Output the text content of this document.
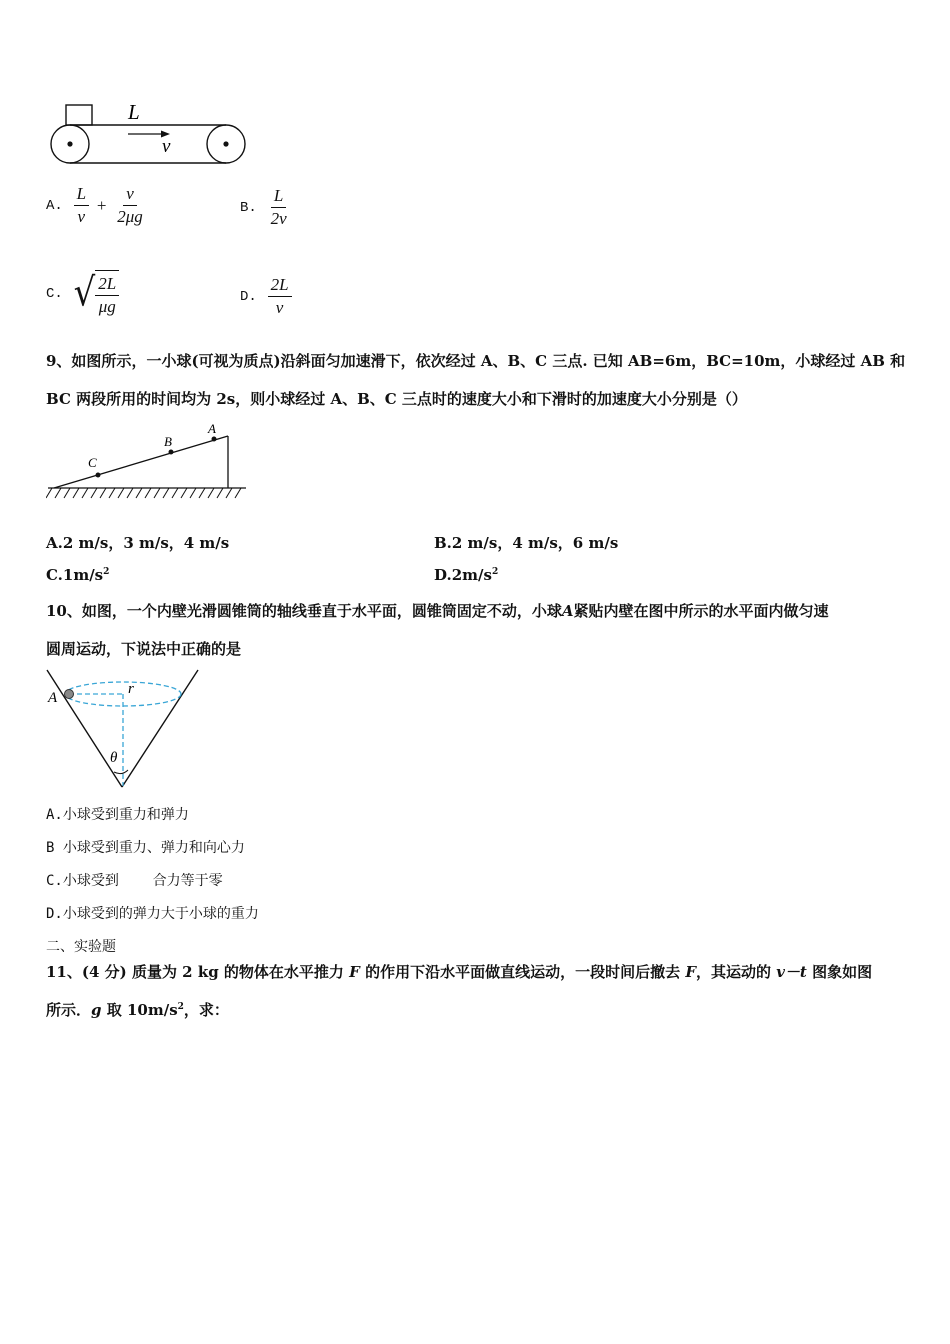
L
v
A. $\frac{L}{v} + \frac{v}{2\mu g}$	B. $\frac{L}{2v}$
C. √ $\frac{2L}{\mu g}$	D. $\frac{2L}{v}$
9、如图所示，一小球(可视为质点)沿斜面匀加速滑下，依次经过 A、B、C 三点. 已知 AB=6m，BC=10m，小球经过 AB 和
BC 两段所用的时间均为 2s，则小球经过 A、B、C 三点时的速度大小和下滑时的加速度大小分别是（）
A
B
C
A.2 m/s，3 m/s，4 m/s	B.2 m/s，4 m/s，6 m/s
$C.1m/s^2$	$D.2m/s^2$
10、如图，一个内壁光滑圆锥筒的轴线垂直于水平面，圆锥筒固定不动，小球A紧贴内壁在图中所示的水平面内做匀速
圆周运动，下说法中正确的是
A
r
θ
A.小球受到重力和弹力
B 小球受到重力、弹力和向心力
C.小球受到    合力等于零
D.小球受到的弹力大于小球的重力
二、实验题
11、(4 分) 质量为 2 kg 的物体在水平推力 F 的作用下沿水平面做直线运动，一段时间后撤去 F，其运动的 v－t 图象如图
所示．g 取 $10m/s^2$，求：
